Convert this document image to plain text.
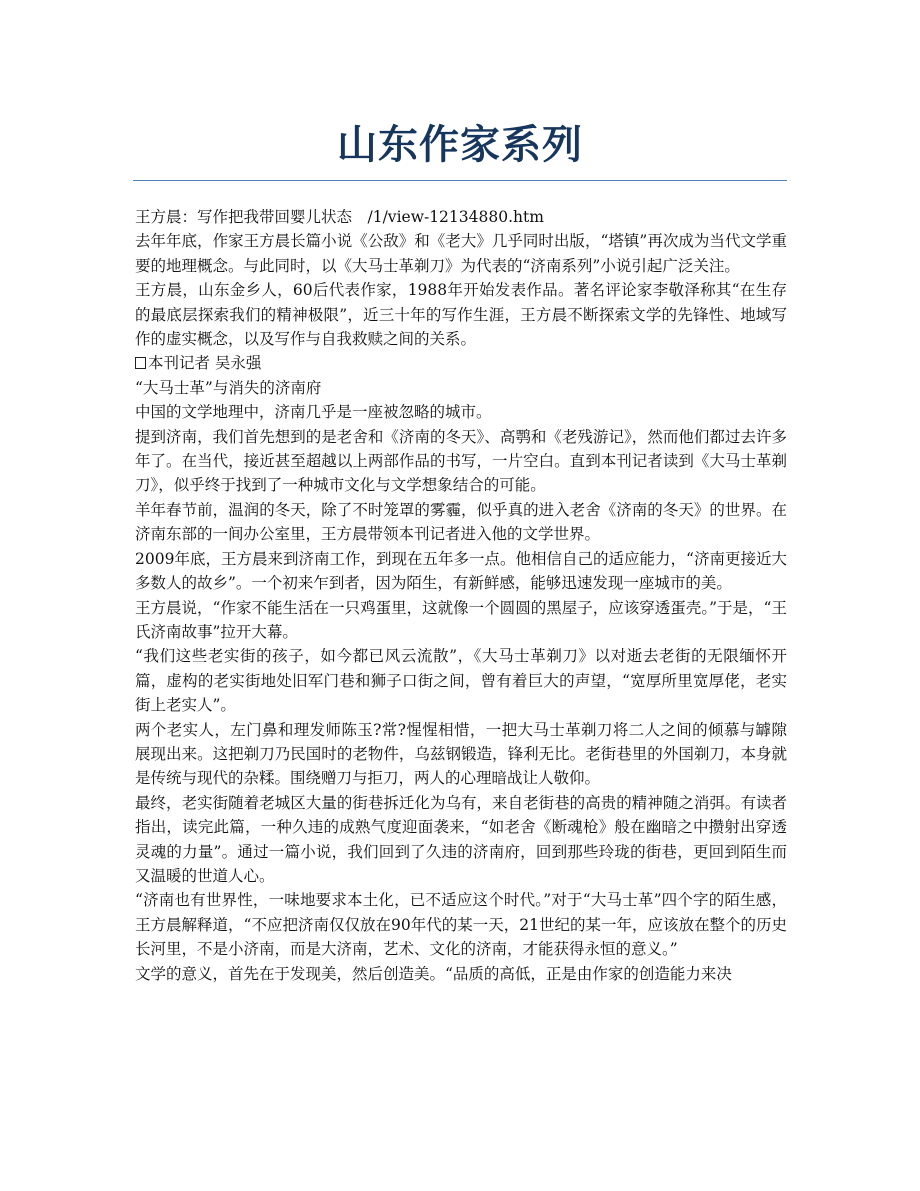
山东作家系列

王方晨：写作把我带回婴儿状态　/1/view-12134880.htm

去年年底，作家王方晨长篇小说《公敌》和《老大》几乎同时出版，“塔镇”再次成为当代文学重要的地理概念。与此同时，以《大马士革剃刀》为代表的“济南系列”小说引起广泛关注。

王方晨，山东金乡人，60后代表作家，1988年开始发表作品。著名评论家李敬泽称其“在生存的最底层探索我们的精神极限”，近三十年的写作生涯，王方晨不断探索文学的先锋性、地域写作的虚实概念，以及写作与自我救赎之间的关系。

本刊记者 吴永强

“大马士革”与消失的济南府

中国的文学地理中，济南几乎是一座被忽略的城市。

提到济南，我们首先想到的是老舍和《济南的冬天》、高鹗和《老残游记》，然而他们都过去许多年了。在当代，接近甚至超越以上两部作品的书写，一片空白。直到本刊记者读到《大马士革剃刀》，似乎终于找到了一种城市文化与文学想象结合的可能。

羊年春节前，温润的冬天，除了不时笼罩的雾霾，似乎真的进入老舍《济南的冬天》的世界。在济南东部的一间办公室里，王方晨带领本刊记者进入他的文学世界。

2009年底，王方晨来到济南工作，到现在五年多一点。他相信自己的适应能力，“济南更接近大多数人的故乡”。一个初来乍到者，因为陌生，有新鲜感，能够迅速发现一座城市的美。

王方晨说，“作家不能生活在一只鸡蛋里，这就像一个圆圆的黑屋子，应该穿透蛋壳。”于是，“王氏济南故事”拉开大幕。

“我们这些老实街的孩子，如今都已风云流散”，《大马士革剃刀》以对逝去老街的无限缅怀开篇，虚构的老实街地处旧军门巷和狮子口街之间，曾有着巨大的声望，“宽厚所里宽厚佬，老实街上老实人”。

两个老实人，左门鼻和理发师陈玉?常?惺惺相惜，一把大马士革剃刀将二人之间的倾慕与罅隙展现出来。这把剃刀乃民国时的老物件，乌兹钢锻造，锋利无比。老街巷里的外国剃刀，本身就是传统与现代的杂糅。围绕赠刀与拒刀，两人的心理暗战让人敬仰。

最终，老实街随着老城区大量的街巷拆迁化为乌有，来自老街巷的高贵的精神随之消弭。有读者指出，读完此篇，一种久违的成熟气度迎面袭来，“如老舍《断魂枪》般在幽暗之中攒射出穿透灵魂的力量”。通过一篇小说，我们回到了久违的济南府，回到那些玲珑的街巷，更回到陌生而又温暖的世道人心。

“济南也有世界性，一味地要求本土化，已不适应这个时代。”对于“大马士革”四个字的陌生感，王方晨解释道，“不应把济南仅仅放在90年代的某一天，21世纪的某一年，应该放在整个的历史长河里，不是小济南，而是大济南，艺术、文化的济南，才能获得永恒的意义。”

文学的意义，首先在于发现美，然后创造美。“品质的高低，正是由作家的创造能力来决
